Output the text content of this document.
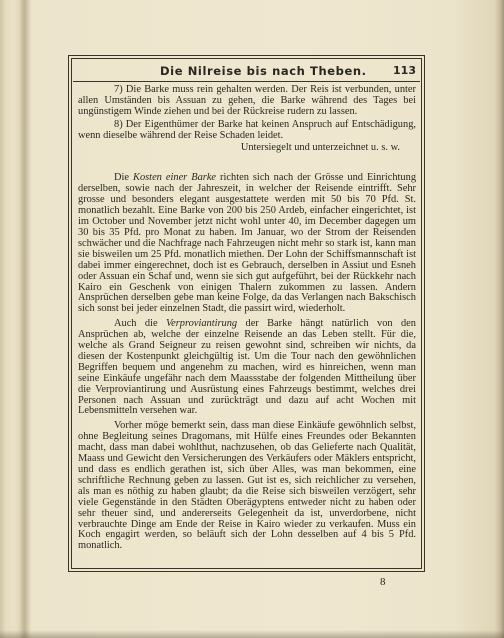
Die Nilreise bis nach Theben. 113

7) Die Barke muss rein gehalten werden. Der Reis ist verbunden, unter allen Umständen bis Assuan zu gehen, die Barke während des Tages bei ungünstigem Winde ziehen und bei der Rückreise rudern zu lassen.

8) Der Eigenthümer der Barke hat keinen Anspruch auf Entschädigung, wenn dieselbe während der Reise Schaden leidet.

Untersiegelt und unterzeichnet u. s. w.

Die Kosten einer Barke richten sich nach der Grösse und Einrichtung derselben, sowie nach der Jahreszeit, in welcher der Reisende eintrifft. Sehr grosse und besonders elegant ausgestattete werden mit 50 bis 70 Pfd. St. monatlich bezahlt. Eine Barke von 200 bis 250 Ardeb, einfacher eingerichtet, ist im October und November jetzt nicht wohl unter 40, im December dagegen um 30 bis 35 Pfd. pro Monat zu haben. Im Januar, wo der Strom der Reisenden schwächer und die Nachfrage nach Fahrzeugen nicht mehr so stark ist, kann man sie bisweilen um 25 Pfd. monatlich miethen. Der Lohn der Schiffsmannschaft ist dabei immer eingerechnet, doch ist es Gebrauch, derselben in Assiut und Esneh oder Assuan ein Schaf und, wenn sie sich gut aufgeführt, bei der Rückkehr nach Kairo ein Geschenk von einigen Thalern zukommen zu lassen. Andern Ansprüchen derselben gebe man keine Folge, da das Verlangen nach Bakschisch sich sonst bei jeder einzelnen Stadt, die passirt wird, wiederholt.

Auch die Verproviantirung der Barke hängt natürlich von den Ansprüchen ab, welche der einzelne Reisende an das Leben stellt. Für die, welche als Grand Seigneur zu reisen gewohnt sind, schreiben wir nichts, da diesen der Kostenpunkt gleichgültig ist. Um die Tour nach den gewöhnlichen Begriffen bequem und angenehm zu machen, wird es hinreichen, wenn man seine Einkäufe ungefähr nach dem Maassstabe der folgenden Mittheilung über die Verproviantirung und Ausrüstung eines Fahrzeugs bestimmt, welches drei Personen nach Assuan und zurückträgt und dazu auf acht Wochen mit Lebensmitteln versehen war.

Vorher möge bemerkt sein, dass man diese Einkäufe gewöhnlich selbst, ohne Begleitung seines Dragomans, mit Hülfe eines Freundes oder Bekannten macht, dass man dabei wohlthut, nachzusehen, ob das Gelieferte nach Qualität, Maass und Gewicht den Versicherungen des Verkäufers oder Mäklers entspricht, und dass es endlich gerathen ist, sich über Alles, was man bekommen, eine schriftliche Rechnung geben zu lassen. Gut ist es, sich reichlicher zu versehen, als man es nöthig zu haben glaubt; da die Reise sich bisweilen verzögert, sehr viele Gegenstände in den Städten Oberägyptens entweder nicht zu haben oder sehr theuer sind, und andererseits Gelegenheit da ist, unverdorbene, nicht verbrauchte Dinge am Ende der Reise in Kairo wieder zu verkaufen. Muss ein Koch engagirt werden, so beläuft sich der Lohn desselben auf 4 bis 5 Pfd. monatlich.

8
